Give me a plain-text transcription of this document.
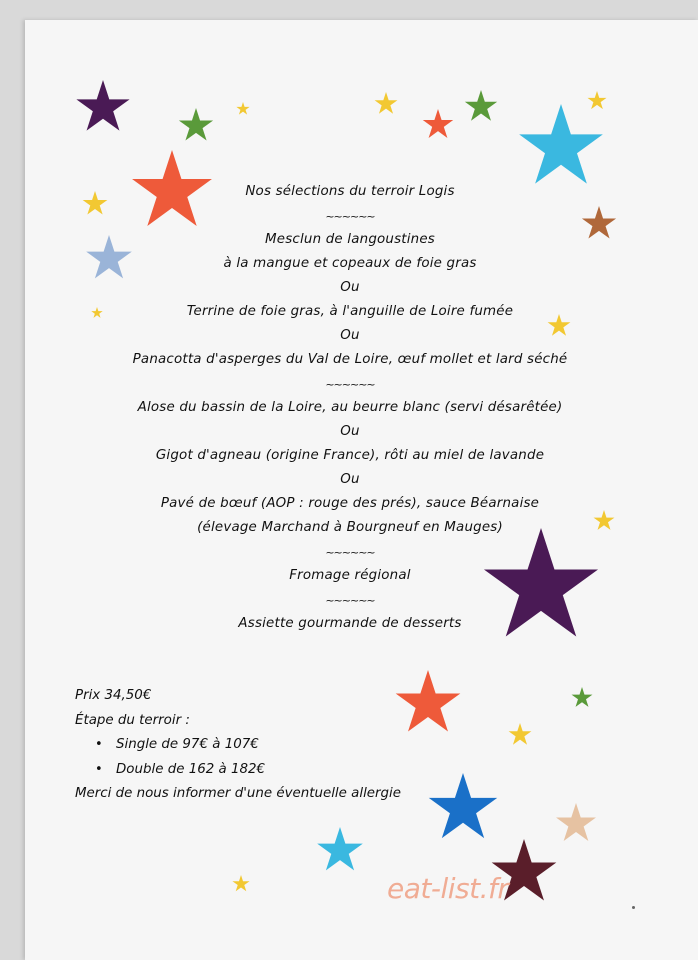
Nos sélections du terroir Logis
~~~~~~
Mesclun de langoustines
à la mangue et copeaux de foie gras
Ou
Terrine de foie gras, à l'anguille de Loire fumée
Ou
Panacotta d'asperges du Val de Loire, œuf mollet et lard séché
~~~~~~
Alose du bassin de la Loire, au beurre blanc (servi désarêtée)
Ou
Gigot d'agneau (origine France), rôti au miel de lavande
Ou
Pavé de bœuf (AOP : rouge des prés), sauce Béarnaise
(élevage Marchand à Bourgneuf en Mauges)
~~~~~~
Fromage régional
~~~~~~
Assiette gourmande de desserts
Prix 34,50€
Étape du terroir :
• Single de 97€ à 107€
• Double de 162 à 182€
Merci de nous informer d'une éventuelle allergie
eat-list.fr
